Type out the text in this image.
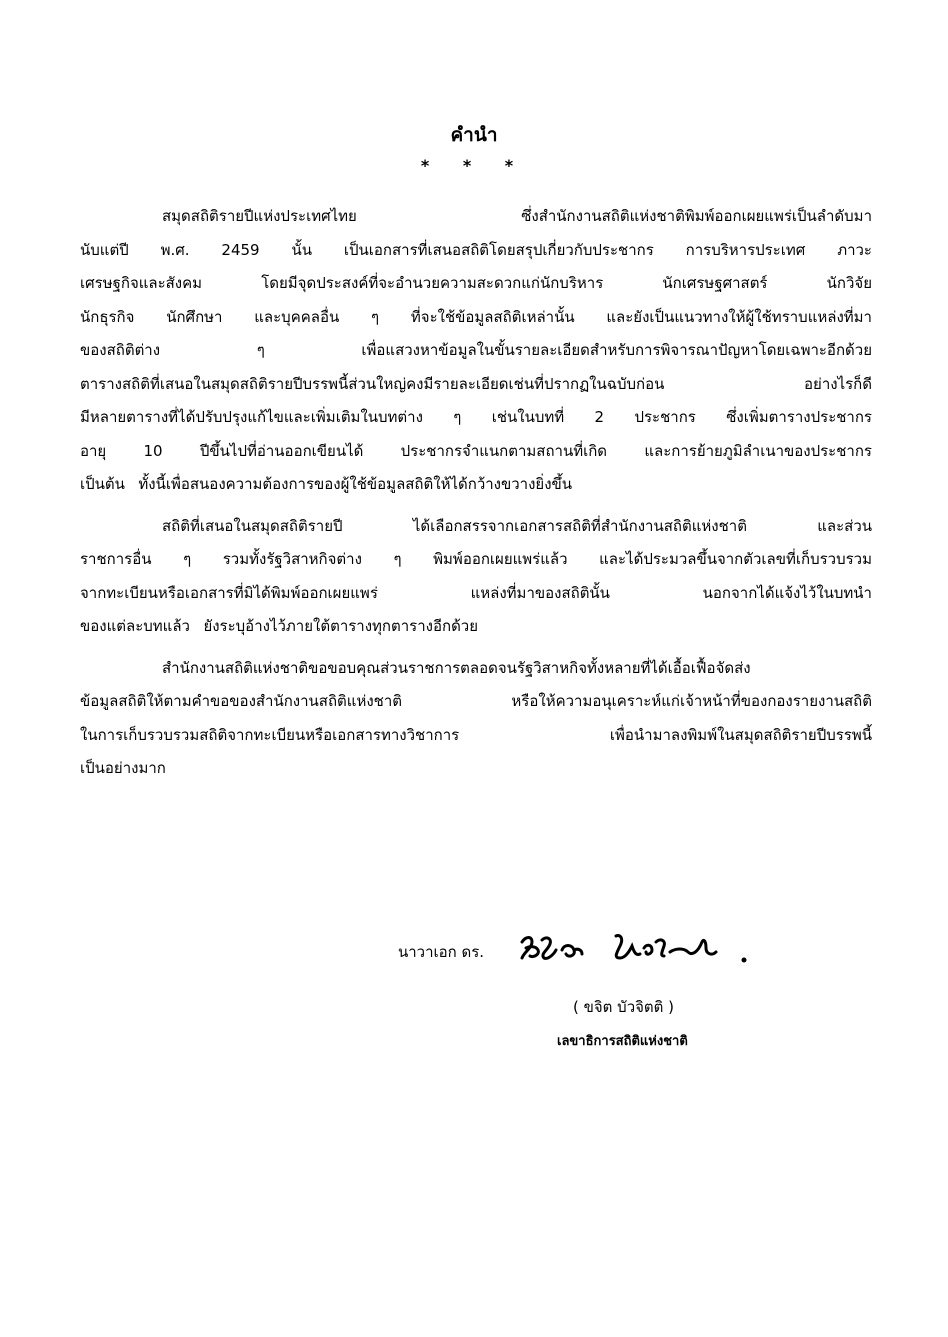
คำนำ
* * *
สมุดสถิติรายปีแห่งประเทศไทย	ซึ่งสำนักงานสถิติแห่งชาติพิมพ์ออกเผยแพร่เป็นลำดับมา
นับแต่ปี พ.ศ. 2459 นั้น เป็นเอกสารที่เสนอสถิติโดยสรุปเกี่ยวกับประชากร การบริหารประเทศ ภาวะ
เศรษฐกิจและสังคม	โดยมีจุดประสงค์ที่จะอำนวยความสะดวกแก่นักบริหาร	นักเศรษฐศาสตร์	นักวิจัย
นักธุรกิจ นักศึกษา และบุคคลอื่น ๆ ที่จะใช้ข้อมูลสถิติเหล่านั้น และยังเป็นแนวทางให้ผู้ใช้ทราบแหล่งที่มา
ของสถิติต่าง	ๆ	เพื่อแสวงหาข้อมูลในขั้นรายละเอียดสำหรับการพิจารณาปัญหาโดยเฉพาะอีกด้วย
ตารางสถิติที่เสนอในสมุดสถิติรายปีบรรพนี้ส่วนใหญ่คงมีรายละเอียดเช่นที่ปรากฏในฉบับก่อน	อย่างไรก็ดี
มีหลายตารางที่ได้ปรับปรุงแก้ไขและเพิ่มเติมในบทต่าง ๆ เช่นในบทที่ 2 ประชากร ซึ่งเพิ่มตารางประชากร
อายุ 10 ปีขึ้นไปที่อ่านออกเขียนได้ ประชากรจำแนกตามสถานที่เกิด และการย้ายภูมิลำเนาของประชากร
เป็นต้น ทั้งนี้เพื่อสนองความต้องการของผู้ใช้ข้อมูลสถิติให้ได้กว้างขวางยิ่งขึ้น
สถิติที่เสนอในสมุดสถิติรายปี	ได้เลือกสรรจากเอกสารสถิติที่สำนักงานสถิติแห่งชาติ	และส่วน
ราชการอื่น ๆ รวมทั้งรัฐวิสาหกิจต่าง ๆ พิมพ์ออกเผยแพร่แล้ว และได้ประมวลขึ้นจากตัวเลขที่เก็บรวบรวม
จากทะเบียนหรือเอกสารที่มิได้พิมพ์ออกเผยแพร่	แหล่งที่มาของสถิตินั้น	นอกจากได้แจ้งไว้ในบทนำ
ของแต่ละบทแล้ว ยังระบุอ้างไว้ภายใต้ตารางทุกตารางอีกด้วย
สำนักงานสถิติแห่งชาติขอขอบคุณส่วนราชการตลอดจนรัฐวิสาหกิจทั้งหลายที่ได้เอื้อเฟื้อจัดส่ง
ข้อมูลสถิติให้ตามคำขอของสำนักงานสถิติแห่งชาติ	หรือให้ความอนุเคราะห์แก่เจ้าหน้าที่ของกองรายงานสถิติ
ในการเก็บรวบรวมสถิติจากทะเบียนหรือเอกสารทางวิชาการ	เพื่อนำมาลงพิมพ์ในสมุดสถิติรายปีบรรพนี้
เป็นอย่างมาก
นาวาเอก ดร.
( ขจิต บัวจิตติ )
เลขาธิการสถิติแห่งชาติ
